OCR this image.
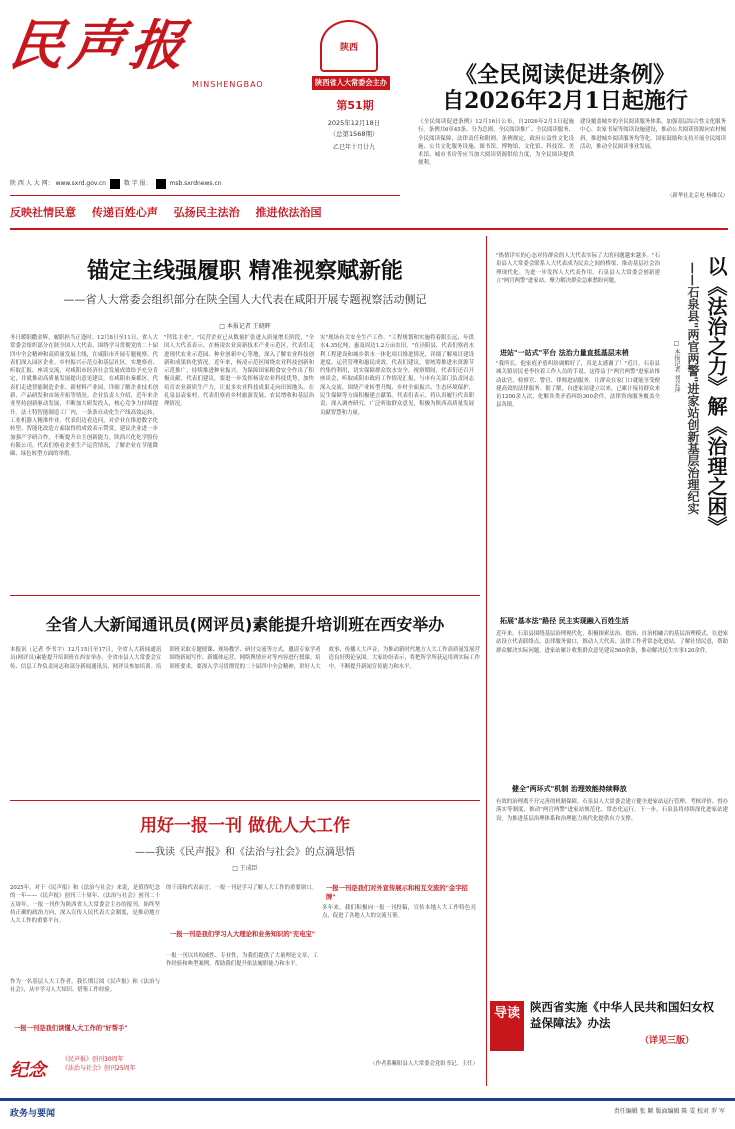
民声报	陕西
陕西省人大常委会主办
MINSHENGBAO
第51期
2025年12月18日
（总第1568期）
乙巳年十月廿九
陕 西 人 大 网： www.sxrd.gov.cn	数 字 报：	msb.sxrdnews.cn
反映社情民意 传递百姓心声 弘扬民主法治 推进依法治国
《全民阅读促进条例》
自2026年2月1日起施行
《全民阅读促进条例》12月16日公布，自2026年2月1日起施行。条例共6章45条，分为总则、全民阅读推广、全民阅读服务、全民阅读保障、法律责任和附则。条例规定，政府公益性文化设施、公共文化服务设施、图书馆、博物馆、文化馆、科技馆、美术馆、城市书房等应当加大阅读资源供给力度，为全民阅读提供便利。
建设覆盖城乡的全民阅读服务体系，加强基层综合性文化服务中心、农家书屋等阅读设施建设，推动公共阅读资源向农村倾斜，推进城乡阅读服务均等化。国家鼓励和支持开展全民阅读活动，推动全民阅读事业发展。
（新华社北京电 杨维汉）
锚定主线强履职 精准视察赋新能
——省人大常委会组织部分在陕全国人大代表在咸阳开展专题视察活动侧记
□ 本报记者 王晓晖
冬日暖阳撒金辉，履职担当正逢时。12月8日至11日，省人大常委会组织部分在陕全国人大代表，围绕学习贯彻党的二十届四中全会精神和高质量发展主线，在咸阳市开展专题视察。代表们深入园区企业、乡村振兴示范点和基层社区，实地察看、听取汇报、座谈交流，对咸阳市经济社会发展成效给予充分肯定，并就推动高质量发展提出意见建议。在咸阳市秦都区，代表们走进智能制造企业、新材料产业园，详细了解企业技术创新、产品研发和市场开拓等情况。企业负责人介绍，近年来企业坚持创新驱动发展，不断加大研发投入，核心竞争力持续提升。法士特智能制造工厂内，一条条自动化生产线高效运转，工业机器人精准作业。代表们边看边问，对企业在推进数字化转型、智能化改造方面取得的成效表示赞赏，建议企业进一步加强产学研合作，不断提升自主创新能力。陕西兴化化学股份有限公司，代表们察看企业生产运营情况，了解企业在节能降碳、绿色转型方面的举措。
"钙钛主业"。"民营企业已从数量扩张进入质量增长阶段，"全国人大代表表示。在杨凌农业高新技术产业示范区，代表们走进现代农业示范园、种业创新中心等地，深入了解农业科技创新和成果转化情况。近年来，杨凌示范区围绕农业科技创新和示范推广，持续推进种业振兴，为保障国家粮食安全作出了积极贡献。代表们建议，要进一步发挥杨凌农业科技优势，加快培育农业新质生产力，让更多农业科技成果走向田间地头。在礼泉县袁家村，代表们察看乡村旅游发展、农民增收和基层治理情况。
灾"现场有关安全生产工作。"工程规划和实施将着眼长远，年供水4.35亿吨，惠及周边1.2万亩农田。"在泾阳县，代表们察看水利工程建设和城乡供水一体化项目推进情况，详细了解项目建设进度、运营管理和惠民成效。代表们建议，要统筹推进水资源节约集约利用，切实保障群众饮水安全。视察期间，代表们还召开座谈会，听取咸阳市政府工作情况汇报，与市有关部门负责同志深入交流，围绕产业转型升级、乡村全面振兴、生态环境保护、民生保障等方面积极建言献策。代表们表示，将认真履行代表职责，深入调查研究，广泛听取群众意见，积极为陕西高质量发展贡献智慧和力量。
全省人大新闻通讯员(网评员)素能提升培训班在西安举办
本报讯（记者 李书宇）12月15日至17日，全省人大新闻通讯员(网评员)素能提升培训班在西安举办。全省市县人大常委会宣传、信息工作负责同志和部分新闻通讯员、网评员参加培训。培训班采取专题授课、现场教学、研讨交流等方式，邀请专家学者围绕新闻写作、新媒体运营、网络舆情应对等内容进行授课。培训班要求，要深入学习贯彻党的二十届四中全会精神，讲好人大故事、传播人大声音，为推动新时代地方人大工作高质量发展营造良好舆论氛围。大家纷纷表示，将把所学所获运用到实际工作中，不断提升新闻宣传能力和水平。
用好一报一刊 做优人大工作
——我读《民声报》和《法治与社会》的点滴思悟
□ 王成臣
2025年，对于《民声报》和《法治与社会》来说，是值得纪念的一年——《民声报》创刊三十周年、《法治与社会》创刊二十五周年。一报一刊作为陕西省人大常委会主办的报刊，始终坚持正确的政治方向，深入宣传人民代表大会制度，是推动地方人大工作的重要平台。
一报一刊是我们读懂人大工作的"好帮手"
作为一名基层人大工作者，我长期订阅《民声报》和《法治与社会》，从中学习人大知识、借鉴工作经验。
的干部和代表而言，一报一刊是学习了解人大工作的重要窗口。
一报一刊是我们学习人大理论和业务知识的"充电宝"
一报一刊以其权威性、专业性，为我们提供了大量理论文章、工作经验和典型案例，帮助我们提升依法履职能力和水平。
一报一刊是我们对外宣传展示和相互交流的"金字招牌"
多年来，我们积极向一报一刊投稿，宣传本地人大工作特色亮点，促进了各地人大的交流互鉴。
（作者系紫阳县人大常委会党组书记、主任）
纪念
《民声报》创刊30周年
《法治与社会》创刊25周年
以《法治之力》解《治理之困》
——石泉县"两官两警"进家站创新基层治理纪实
□ 本报记者 刘芸萍
"热情详实的心态对待群众的人大代表实际了大的问题越来越多。"石泉县人大常委会联系人大代表成为民众之间的桥梁，推动基层社会治理现代化。为进一步发挥人大代表作用，石泉县人大常委会创新建立"两官两警"进家站，聚力解决群众急难愁盼问题。
进站"一站式"平台 法治力量直抵基层末梢
"我所长，他家庭矛盾纠纷调解好了，真是太感谢了！"近日，石泉县城关镇居民老李拉着工作人员的手说。这得益于"两官两警"进家站推动法官、检察官、警官、律师进站服务，让群众在家门口就能享受便捷高效的法律服务。据了解，自进家站建立以来，已累计接待群众来访1200余人次，化解各类矛盾纠纷300余件，法律咨询服务覆盖全县各镇。
拓展"基本法"路径 民主实现融入百姓生活
近年来，石泉县围绕基层治理现代化，积极探索法治、德治、自治相融合的基层治理模式。在进家站设立代表联络点、法律服务窗口，推动人大代表、法律工作者常态化进站，了解社情民意，帮助群众解决实际问题。进家站累计收集群众意见建议560余条，推动解决民生实事120余件。
健全"两环式"机制 治理效能持续释放
有效的治理离不开完善的机制保障。石泉县人大常委会建立健全进家站运行管理、考核评价、督办落实等制度，推动"两官两警"进家站规范化、常态化运行。下一步，石泉县将持续深化进家站建设，为推进基层治理体系和治理能力现代化提供有力支撑。
导读 陕西省实施《中华人民共和国妇女权益保障法》办法
（详见三版）
政务与要闻	责任编辑 张 颖 版面编辑 陈 雯 校对 罗 军
